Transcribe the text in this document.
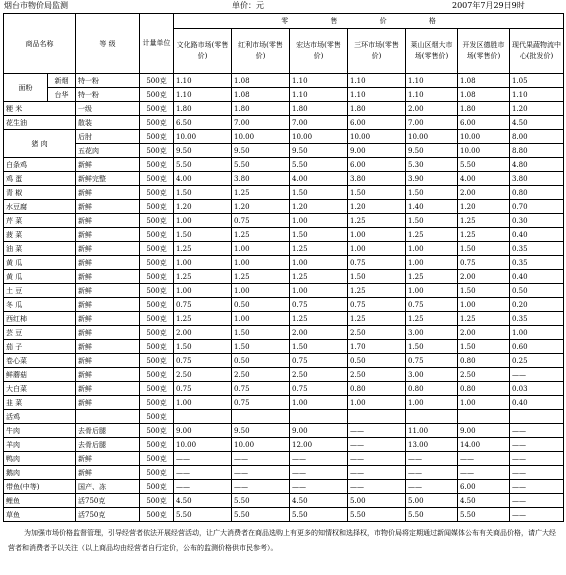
烟台市物价局监测	单价：元	2007年7月29日9时
商品名称		等 级	计量单位	零 售 价 格						
				文化路市场(零售价)	红利市场(零售价)	宏达市场(零售价)	三环市场(零售价)	莱山区烟大市场(零售价)	开发区德胜市场(零售价)	现代果蔬物流中心(批发价)
面粉	新烟	特一粉	500克	1.10	1.08	1.10	1.10	1.10	1.08	1.05
	台华	特一粉	500克	1.10	1.08	1.10	1.10	1.10	1.08	1.10
粳 米		一级	500克	1.80	1.80	1.80	1.80	2.00	1.80	1.20
花生油		散装	500克	6.50	7.00	7.00	6.00	7.00	6.00	4.50
猪 肉		后肘	500克	10.00	10.00	10.00	10.00	10.00	10.00	8.00
		五花肉	500克	9.50	9.50	9.50	9.00	9.50	10.00	8.80
白条鸡		新鲜	500克	5.50	5.50	5.50	6.00	5.30	5.50	4.80
鸡 蛋		新鲜完整	500克	4.00	3.80	4.00	3.80	3.90	4.00	3.80
青 椒		新鲜	500克	1.50	1.25	1.50	1.50	1.50	2.00	0.80
水豆腐		新鲜	500克	1.20	1.20	1.20	1.20	1.40	1.20	0.70
芹 菜		新鲜	500克	1.00	0.75	1.00	1.25	1.50	1.25	0.30
菠 菜		新鲜	500克	1.50	1.25	1.50	1.00	1.25	1.25	0.40
油 菜		新鲜	500克	1.25	1.00	1.25	1.00	1.00	1.50	0.35
黄 瓜		新鲜	500克	1.00	1.00	1.00	0.75	1.00	0.75	0.35
黄 瓜		新鲜	500克	1.25	1.25	1.25	1.50	1.25	2.00	0.40
土 豆		新鲜	500克	1.00	1.00	1.00	1.25	1.00	1.50	0.50
冬 瓜		新鲜	500克	0.75	0.50	0.75	0.75	0.75	1.00	0.20
西红柿		新鲜	500克	1.25	1.00	1.25	1.25	1.25	1.25	0.35
芸 豆		新鲜	500克	2.00	1.50	2.00	2.50	3.00	2.00	1.00
茄 子		新鲜	500克	1.50	1.50	1.50	1.70	1.50	1.50	0.60
卷心菜		新鲜	500克	0.75	0.50	0.75	0.50	0.75	0.80	0.25
鲜蘑菇		新鲜	500克	2.50	2.50	2.50	2.50	3.00	2.50	——
大白菜		新鲜	500克	0.75	0.75	0.75	0.80	0.80	0.80	0.03
韭 菜		新鲜	500克	1.00	0.75	1.00	1.00	1.00	1.00	0.40
活鸡			500克							
牛肉		去骨后腿	500克	9.00	9.50	9.00	——	11.00	9.00	——
羊肉		去骨后腿	500克	10.00	10.00	12.00	——	13.00	14.00	——
鸭肉		新鲜	500克	——	——	——	——	——	——	——
鹅肉		新鲜	500克	——	——	——	——	——	——	——
带鱼(中等)		国产、冻	500克	——	——	——	——	——	6.00	——
鲤鱼		活750克	500克	4.50	5.50	4.50	5.00	5.00	4.50	——
草鱼		活750克	500克	5.50	5.50	5.50	5.50	5.50	5.50	——
为加强市场价格监督管理，引导经营者依法开展经营活动，让广大消费者在商品选购上有更多的知情权和选择权，市物价局将定期通过新闻媒体公布有关商品价格，请广大经营者和消费者予以关注（以上商品均由经营者自行定价，公布的监测价格供市民参考）。
